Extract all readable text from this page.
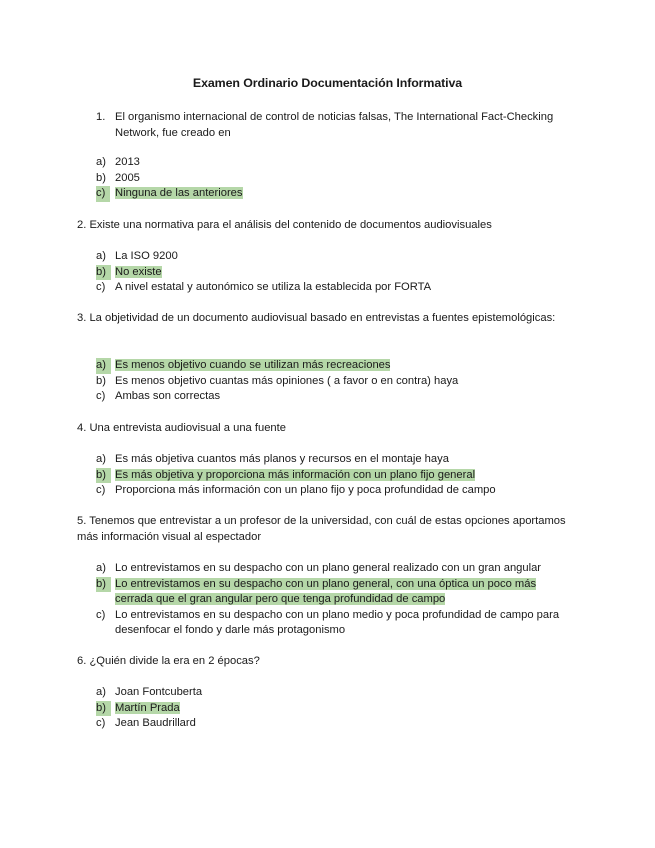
Examen Ordinario Documentación Informativa
1. El organismo internacional de control de noticias falsas, The International Fact-Checking Network, fue creado en
a) 2013
b) 2005
c) Ninguna de las anteriores
2. Existe una normativa para el análisis del contenido de documentos audiovisuales
a) La ISO 9200
b) No existe
c) A nivel estatal y autonómico se utiliza la establecida por FORTA
3. La objetividad de un documento audiovisual basado en entrevistas a fuentes epistemológicas:
a) Es menos objetivo cuando se utilizan más recreaciones
b) Es menos objetivo cuantas más opiniones ( a favor o en contra) haya
c) Ambas son correctas
4. Una entrevista audiovisual a una fuente
a) Es más objetiva cuantos más planos y recursos en el montaje haya
b) Es más objetiva y proporciona más información con un plano fijo general
c) Proporciona más información con un plano fijo y poca profundidad de campo
5. Tenemos que entrevistar a un profesor de la universidad, con cuál de estas opciones aportamos más información visual al espectador
a) Lo entrevistamos en su despacho con un plano general realizado con un gran angular
b) Lo entrevistamos en su despacho con un plano general, con una óptica un poco más cerrada que el gran angular pero que tenga profundidad de campo
c) Lo entrevistamos en su despacho con un plano medio y poca profundidad de campo para desenfocar el fondo y darle más protagonismo
6. ¿Quién divide la era en 2 épocas?
a) Joan Fontcuberta
b) Martín Prada
c) Jean Baudrillard
